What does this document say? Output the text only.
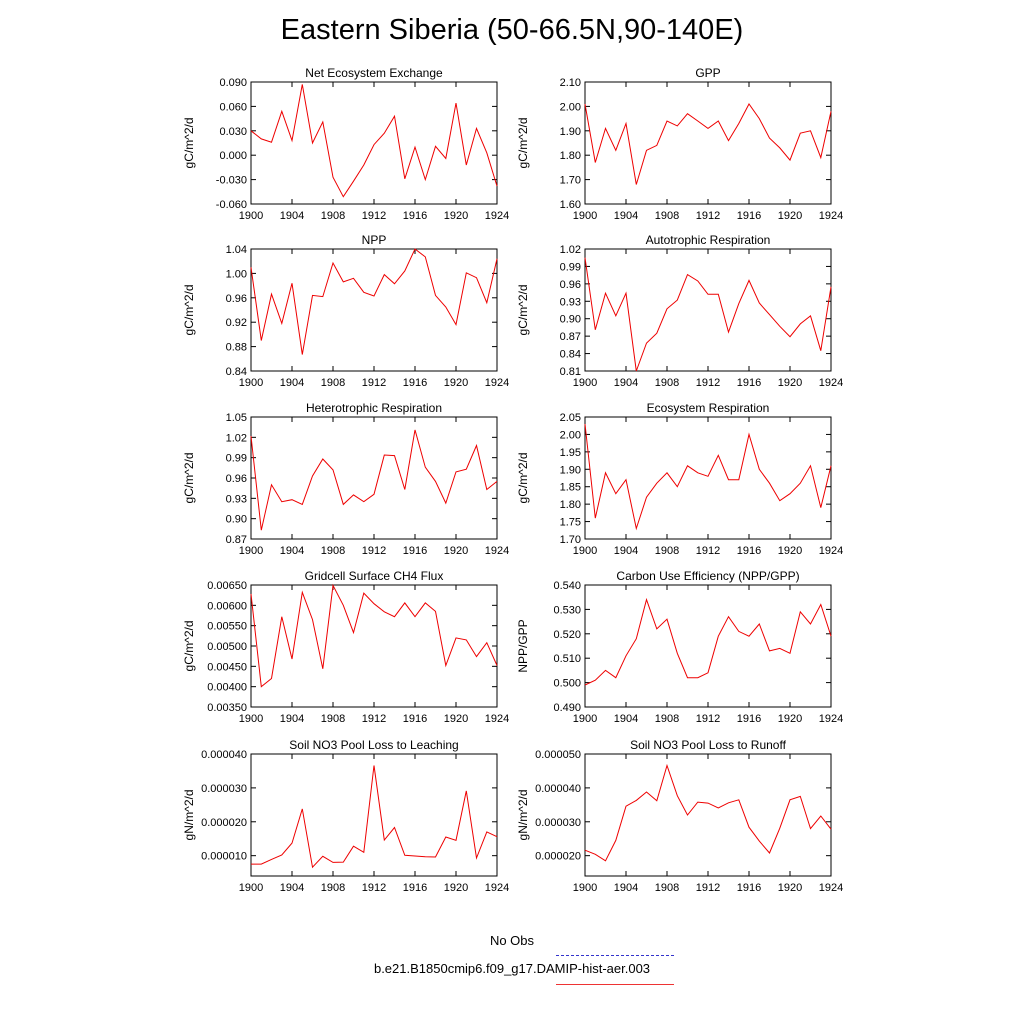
Eastern Siberia (50-66.5N,90-140E)
Net Ecosystem Exchange
gC/m^2/d
-0.060
-0.030
0.000
0.030
0.060
0.090
1900 1904 1908 1912 1916 1920 1924
GPP
gC/m^2/d
1.60
1.70
1.80
1.90
2.00
2.10
1900 1904 1908 1912 1916 1920 1924
NPP
gC/m^2/d
0.84
0.88
0.92
0.96
1.00
1.04
1900 1904 1908 1912 1916 1920 1924
Autotrophic Respiration
gC/m^2/d
0.81
0.84
0.87
0.90
0.93
0.96
0.99
1.02
1900 1904 1908 1912 1916 1920 1924
Heterotrophic Respiration
gC/m^2/d
0.87
0.90
0.93
0.96
0.99
1.02
1.05
1900 1904 1908 1912 1916 1920 1924
Ecosystem Respiration
gC/m^2/d
1.70
1.75
1.80
1.85
1.90
1.95
2.00
2.05
1900 1904 1908 1912 1916 1920 1924
Gridcell Surface CH4 Flux
gC/m^2/d
0.00350
0.00400
0.00450
0.00500
0.00550
0.00600
0.00650
1900 1904 1908 1912 1916 1920 1924
Carbon Use Efficiency (NPP/GPP)
NPP/GPP
0.490
0.500
0.510
0.520
0.530
0.540
1900 1904 1908 1912 1916 1920 1924
Soil NO3 Pool Loss to Leaching
gN/m^2/d
0.000010
0.000020
0.000030
0.000040
1900 1904 1908 1912 1916 1920 1924
Soil NO3 Pool Loss to Runoff
gN/m^2/d
0.000020
0.000030
0.000040
0.000050
1900 1904 1908 1912 1916 1920 1924
No Obs
b.e21.B1850cmip6.f09_g17.DAMIP-hist-aer.003
